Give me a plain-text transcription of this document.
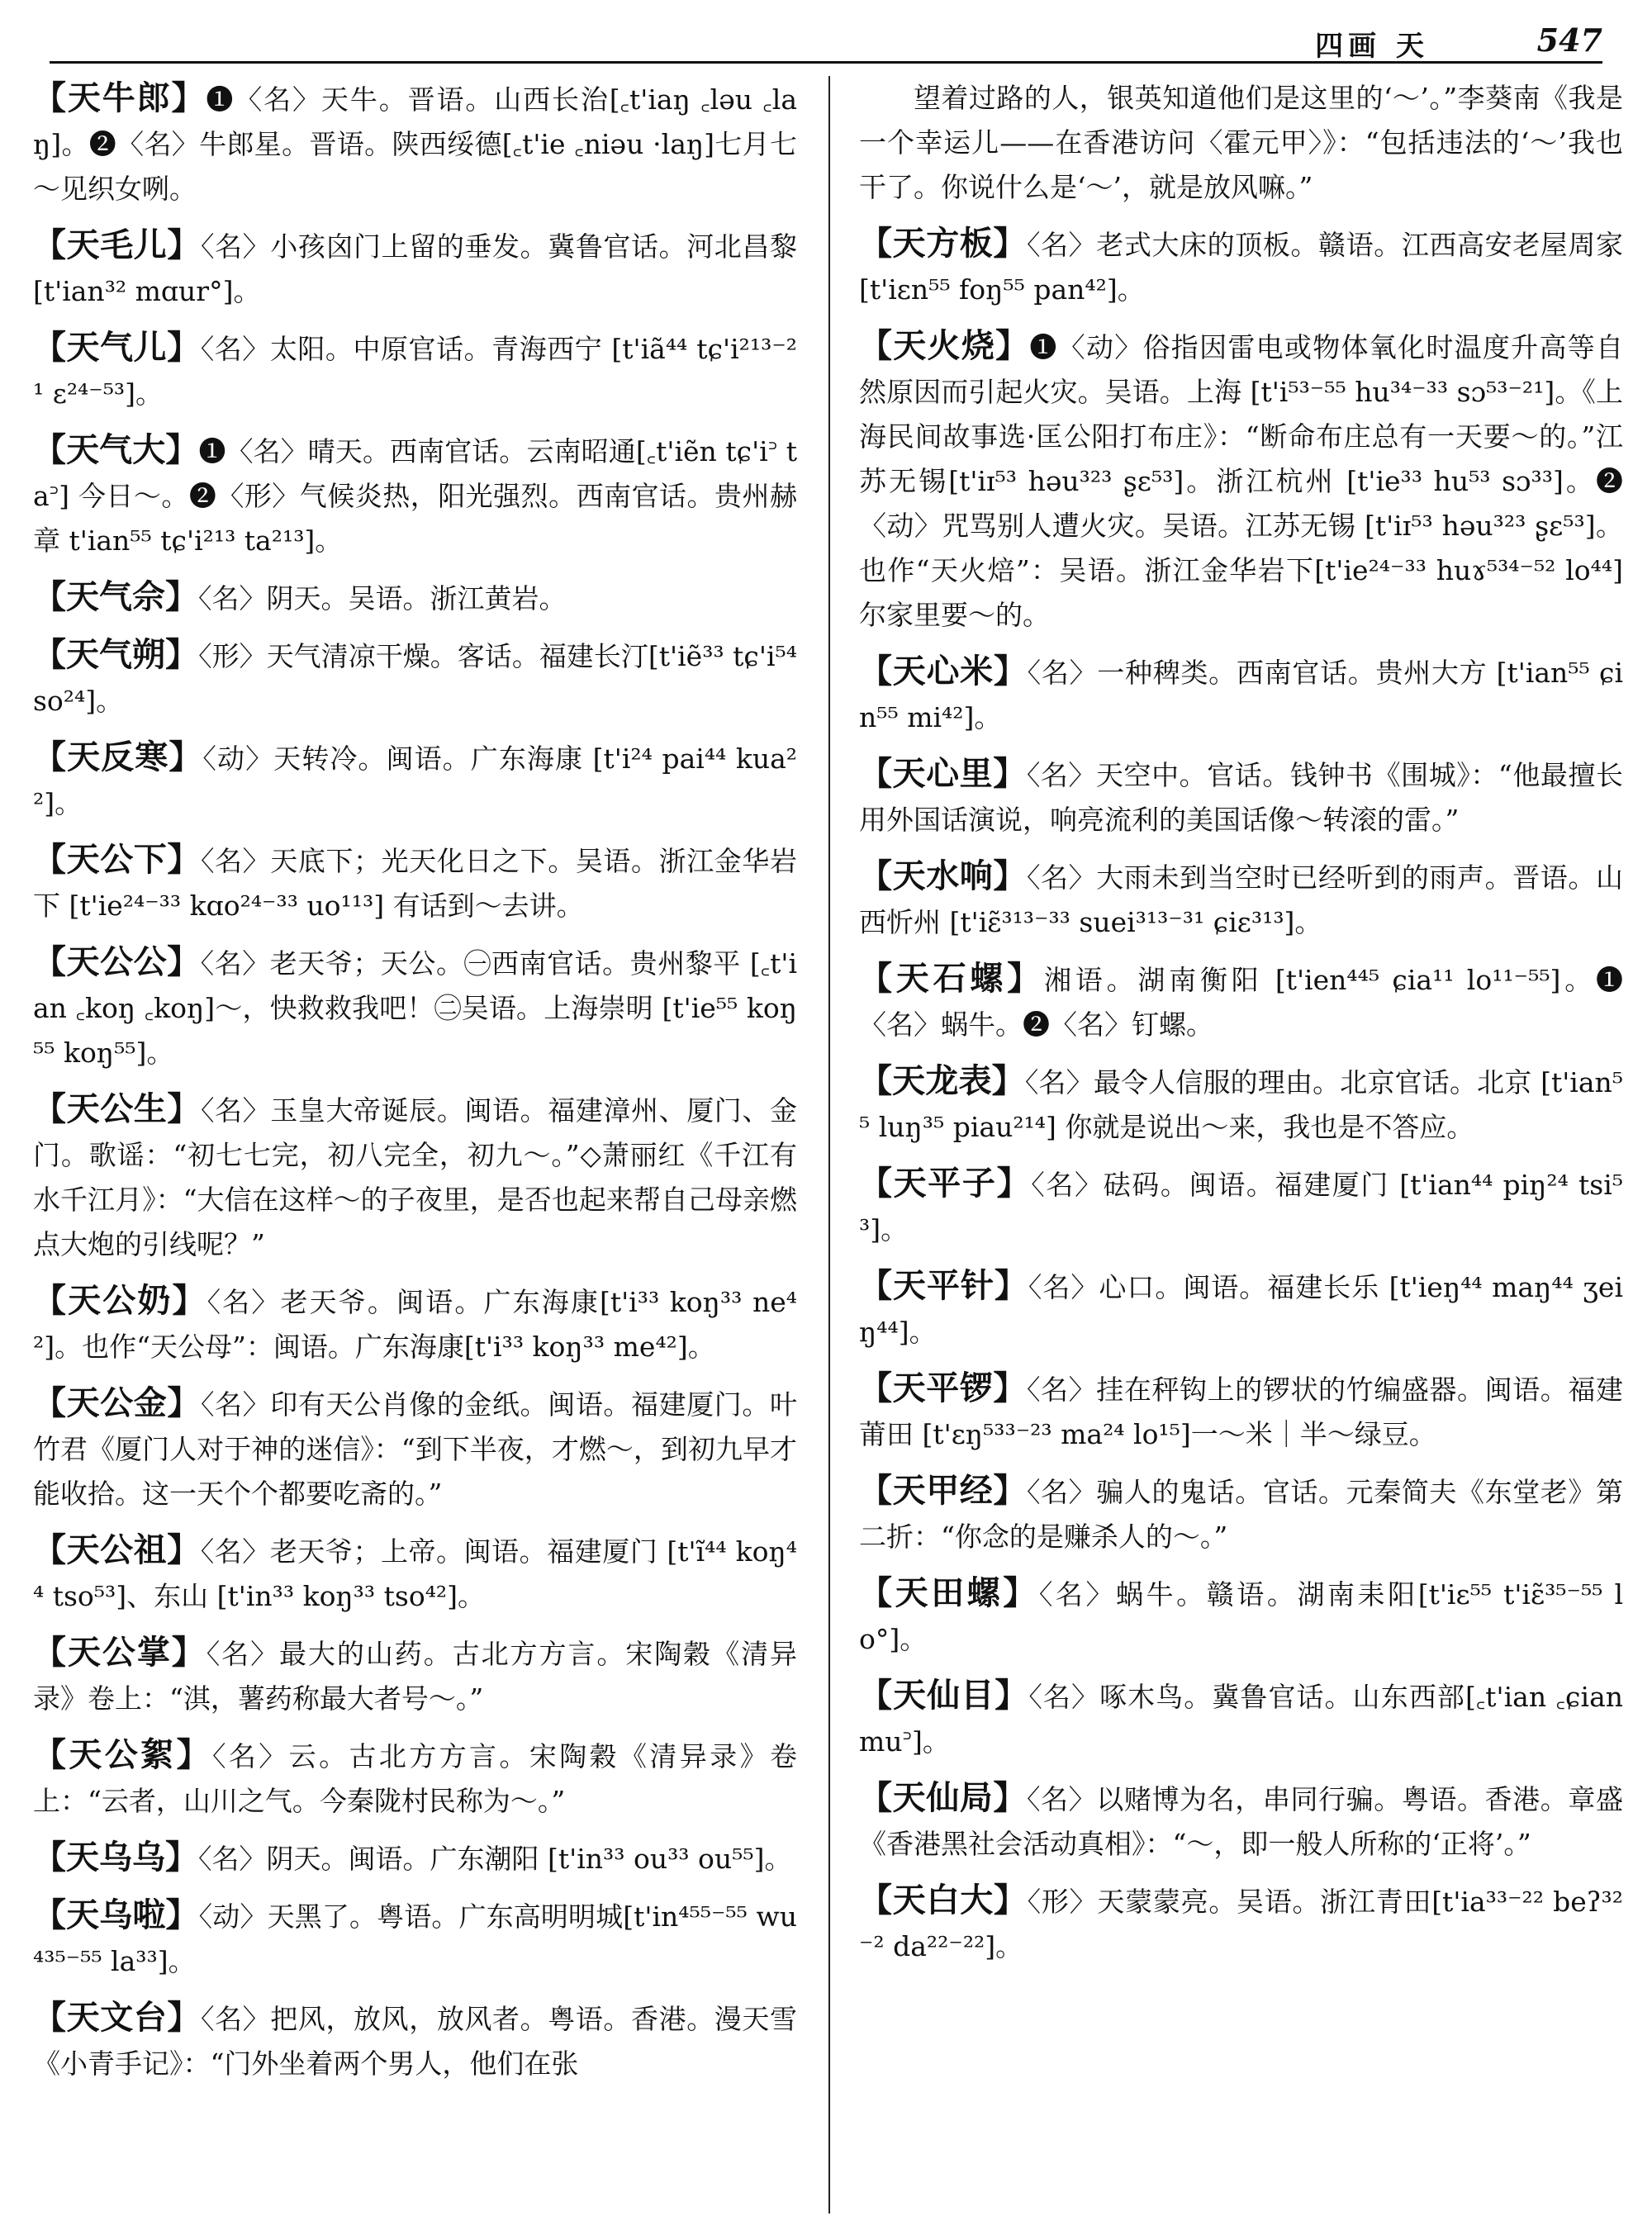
四画 天	547
【天牛郎】❶〈名〉天牛。晋语。山西长治[꜀t'iaŋ ꜀ləu ꜀laŋ]。❷〈名〉牛郎星。晋语。陕西绥德[꜀t'ie ꜀niəu ·laŋ]七月七～见织女咧。
【天毛儿】〈名〉小孩囟门上留的垂发。冀鲁官话。河北昌黎 [t'ian³² mɑur°]。
【天气儿】〈名〉太阳。中原官话。青海西宁 [t'iã⁴⁴ tɕ'i²¹³⁻²¹ ɛ²⁴⁻⁵³]。
【天气大】❶〈名〉晴天。西南官话。云南昭通[꜀t'iẽn tɕ'i꜄ ta꜄] 今日～。❷〈形〉气候炎热，阳光强烈。西南官话。贵州赫章 t'ian⁵⁵ tɕ'i²¹³ ta²¹³]。
【天气佘】〈名〉阴天。吴语。浙江黄岩。
【天气朔】〈形〉天气清凉干燥。客话。福建长汀[t'iẽ³³ tɕ'i⁵⁴ so²⁴]。
【天反寒】〈动〉天转冷。闽语。广东海康 [t'i²⁴ pai⁴⁴ kua²²]。
【天公下】〈名〉天底下；光天化日之下。吴语。浙江金华岩下 [t'ie²⁴⁻³³ kɑo²⁴⁻³³ uo¹¹³] 有话到～去讲。
【天公公】〈名〉老天爷；天公。㊀西南官话。贵州黎平 [꜀t'ian ꜀koŋ ꜀koŋ]～，快救救我吧！㊁吴语。上海崇明 [t'ie⁵⁵ koŋ⁵⁵ koŋ⁵⁵]。
【天公生】〈名〉玉皇大帝诞辰。闽语。福建漳州、厦门、金门。歌谣：“初七七完，初八完全，初九～。”◇萧丽红《千江有水千江月》：“大信在这样～的子夜里，是否也起来帮自己母亲燃点大炮的引线呢？”
【天公奶】〈名〉老天爷。闽语。广东海康[t'i³³ koŋ³³ ne⁴²]。也作“天公母”：闽语。广东海康[t'i³³ koŋ³³ me⁴²]。
【天公金】〈名〉印有天公肖像的金纸。闽语。福建厦门。叶竹君《厦门人对于神的迷信》：“到下半夜，才燃～，到初九早才能收拾。这一天个个都要吃斋的。”
【天公祖】〈名〉老天爷；上帝。闽语。福建厦门 [t'ĩ⁴⁴ koŋ⁴⁴ tso⁵³]、东山 [t'in³³ koŋ³³ tso⁴²]。
【天公掌】〈名〉最大的山药。古北方方言。宋陶穀《清异录》卷上：“淇，薯药称最大者号～。”
【天公絮】〈名〉云。古北方方言。宋陶穀《清异录》卷上：“云者，山川之气。今秦陇村民称为～。”
【天乌乌】〈名〉阴天。闽语。广东潮阳 [t'in³³ ou³³ ou⁵⁵]。
【天乌啦】〈动〉天黑了。粤语。广东高明明城[t'in⁴⁵⁵⁻⁵⁵ wu⁴³⁵⁻⁵⁵ la³³]。
【天文台】〈名〉把风，放风，放风者。粤语。香港。漫天雪《小青手记》：“门外坐着两个男人，他们在张
望着过路的人，银英知道他们是这里的‘～’。”李葵南《我是一个幸运儿——在香港访问〈霍元甲〉》：“包括违法的‘～’我也干了。你说什么是‘～’，就是放风嘛。”
【天方板】〈名〉老式大床的顶板。赣语。江西高安老屋周家 [t'iɛn⁵⁵ foŋ⁵⁵ pan⁴²]。
【天火烧】❶〈动〉俗指因雷电或物体氧化时温度升高等自然原因而引起火灾。吴语。上海 [t'i⁵³⁻⁵⁵ hu³⁴⁻³³ sɔ⁵³⁻²¹]。《上海民间故事选·匡公阳打布庄》：“断命布庄总有一天要～的。”江苏无锡[t'iɪ⁵³ həu³²³ ʂɛ⁵³]。浙江杭州 [t'ie³³ hu⁵³ sɔ³³]。❷〈动〉咒骂别人遭火灾。吴语。江苏无锡 [t'iɪ⁵³ həu³²³ ʂɛ⁵³]。也作“天火焙”：吴语。浙江金华岩下[t'ie²⁴⁻³³ huɤ⁵³⁴⁻⁵² lo⁴⁴]尔家里要～的。
【天心米】〈名〉一种稗类。西南官话。贵州大方 [t'ian⁵⁵ ɕin⁵⁵ mi⁴²]。
【天心里】〈名〉天空中。官话。钱钟书《围城》：“他最擅长用外国话演说，响亮流利的美国话像～转滚的雷。”
【天水响】〈名〉大雨未到当空时已经听到的雨声。晋语。山西忻州 [t'iɛ̃³¹³⁻³³ suei³¹³⁻³¹ ɕiɛ³¹³]。
【天石螺】湘语。湖南衡阳 [t'ien⁴⁴⁵ ɕia¹¹ lo¹¹⁻⁵⁵]。❶〈名〉蜗牛。❷〈名〉钉螺。
【天龙表】〈名〉最令人信服的理由。北京官话。北京 [t'ian⁵⁵ luŋ³⁵ piau²¹⁴] 你就是说出～来，我也是不答应。
【天平子】〈名〉砝码。闽语。福建厦门 [t'ian⁴⁴ piŋ²⁴ tsi⁵³]。
【天平针】〈名〉心口。闽语。福建长乐 [t'ieŋ⁴⁴ maŋ⁴⁴ ʒeiŋ⁴⁴]。
【天平锣】〈名〉挂在秤钩上的锣状的竹编盛器。闽语。福建莆田 [t'ɛŋ⁵³³⁻²³ ma²⁴ lo¹⁵]一～米｜半～绿豆。
【天甲经】〈名〉骗人的鬼话。官话。元秦简夫《东堂老》第二折：“你念的是赚杀人的～。”
【天田螺】〈名〉蜗牛。赣语。湖南耒阳[t'iɛ⁵⁵ t'iɛ̃³⁵⁻⁵⁵ lo°]。
【天仙目】〈名〉啄木鸟。冀鲁官话。山东西部[꜀t'ian ꜀ɕian mu꜄]。
【天仙局】〈名〉以赌博为名，串同行骗。粤语。香港。章盛《香港黑社会活动真相》：“～，即一般人所称的‘正将’。”
【天白大】〈形〉天蒙蒙亮。吴语。浙江青田[t'ia³³⁻²² beʔ³²⁻² da²²⁻²²]。
